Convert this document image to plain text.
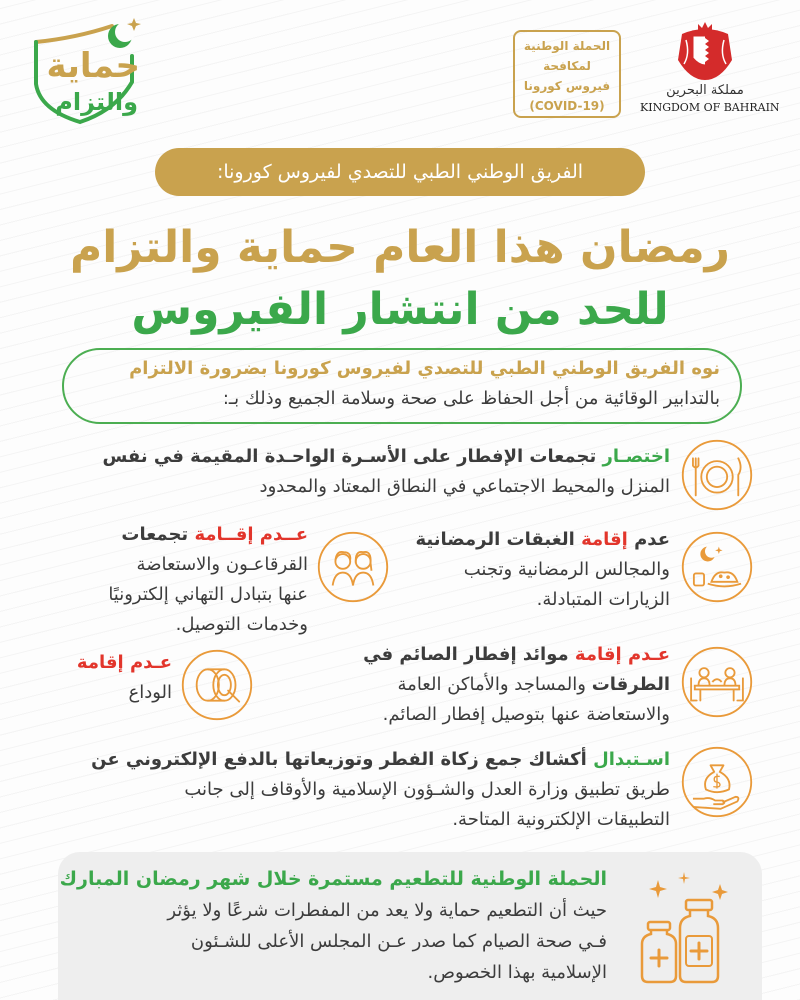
حماية
والتزام
الحملة الوطنية
لمكافحة
فيروس كورونا
(COVID-19)
مملكة البحرين
KINGDOM OF BAHRAIN
الفريق الوطني الطبي للتصدي لفيروس كورونا:
رمضان هذا العام حماية والتزام
للحد من انتشار الفيروس
نوه الفريق الوطني الطبي للتصدي لفيروس كورونا بضرورة الالتزام
بالتدابير الوقائية من أجل الحفاظ على صحة وسلامة الجميع وذلك بـ:
اختصـار تجمعات الإفطار على الأسـرة الواحـدة المقيمة في نفس
المنزل والمحيط الاجتماعي في النطاق المعتاد والمحدود
عدم إقامة الغبقات الرمضانية
والمجالس الرمضانية وتجنب
الزيارات المتبادلة.
عــدم إقــامة تجمعات
القرقاعـون والاستعاضة
عنها بتبادل التهاني إلكترونيًا
وخدمات التوصيل.
عـدم إقامة موائد إفطار الصائم في
الطرقات والمساجد والأماكن العامة
والاستعاضة عنها بتوصيل إفطار الصائم.
عـدم إقامة
الوداع
اسـتبدال أكشاك جمع زكاة الفطر وتوزيعاتها بالدفع الإلكتروني عن
طريق تطبيق وزارة العدل والشـؤون الإسلامية والأوقاف إلى جانب
التطبيقات الإلكترونية المتاحة.
الحملة الوطنية للتطعيم مستمرة خلال شهر رمضان المبارك
حيث أن التطعيم حماية ولا يعد من المفطرات شرعًا ولا يؤثر
فـي صحة الصيام كما صدر عـن المجلس الأعلى للشـئون
الإسلامية بهذا الخصوص.
